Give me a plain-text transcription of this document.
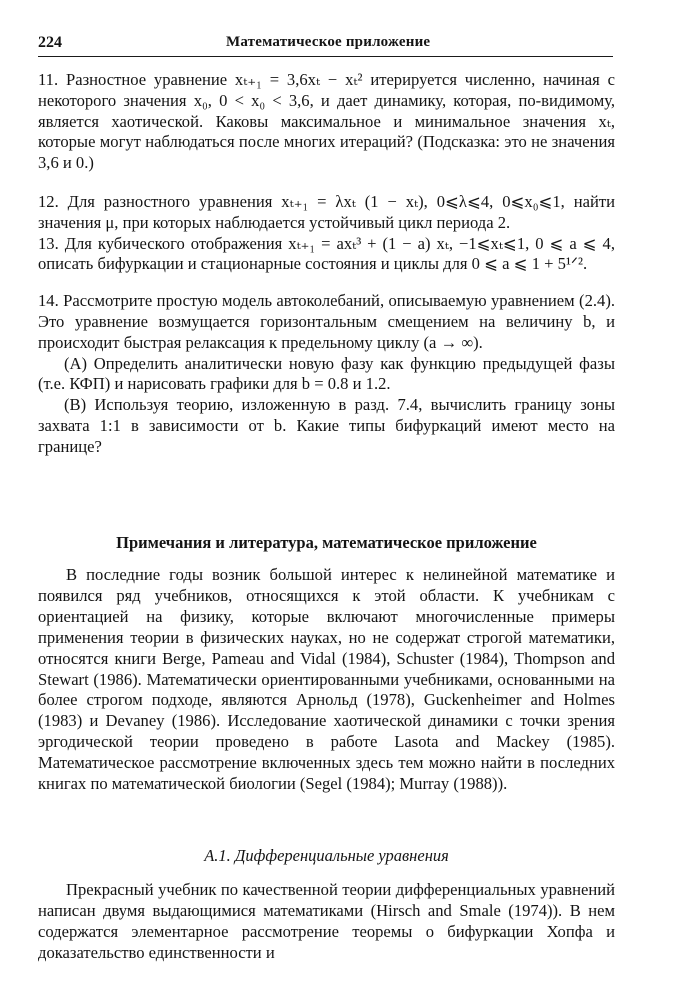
224	Математическое приложение

11. Разностное уравнение xₜ₊₁ = 3,6xₜ − xₜ² итерируется численно, начиная с некоторого значения x₀, 0 < x₀ < 3,6, и дает динамику, которая, по-видимому, является хаотической. Каковы максимальное и минимальное значения xₜ, которые могут наблюдаться после многих итераций? (Подсказка: это не значения 3,6 и 0.)

12. Для разностного уравнения xₜ₊₁ = λxₜ (1 − xₜ), 0⩽λ⩽4, 0⩽x₀⩽1, найти значения μ, при которых наблюдается устойчивый цикл периода 2.

13. Для кубического отображения xₜ₊₁ = axₜ³ + (1 − a) xₜ, −1⩽xₜ⩽1, 0 ⩽ a ⩽ 4, описать бифуркации и стационарные состояния и циклы для 0 ⩽ a ⩽ 1 + 5¹ᐟ².

14. Рассмотрите простую модель автоколебаний, описываемую уравнением (2.4). Это уравнение возмущается горизонтальным смещением на величину b, и происходит быстрая релаксация к предельному циклу (a → ∞).

(А) Определить аналитически новую фазу как функцию предыдущей фазы (т.е. КФП) и нарисовать графики для b = 0.8 и 1.2.

(В) Используя теорию, изложенную в разд. 7.4, вычислить границу зоны захвата 1:1 в зависимости от b. Какие типы бифуркаций имеют место на границе?

Примечания и литература, математическое приложение

В последние годы возник большой интерес к нелинейной математике и появился ряд учебников, относящихся к этой области. К учебникам с ориентацией на физику, которые включают многочисленные примеры применения теории в физических науках, но не содержат строгой математики, относятся книги Berge, Pameau and Vidal (1984), Schuster (1984), Thompson and Stewart (1986). Математически ориентированными учебниками, основанными на более строгом подходе, являются Арнольд (1978), Guckenheimer and Holmes (1983) и Devaney (1986). Исследование хаотической динамики с точки зрения эргодической теории проведено в работе Lasota and Mackey (1985). Математическое рассмотрение включенных здесь тем можно найти в последних книгах по математической биологии (Segel (1984); Murray (1988)).

А.1. Дифференциальные уравнения

Прекрасный учебник по качественной теории дифференциальных уравнений написан двумя выдающимися математиками (Hirsch and Smale (1974)). В нем содержатся элементарное рассмотрение теоремы о бифуркации Хопфа и доказательство единственности и
